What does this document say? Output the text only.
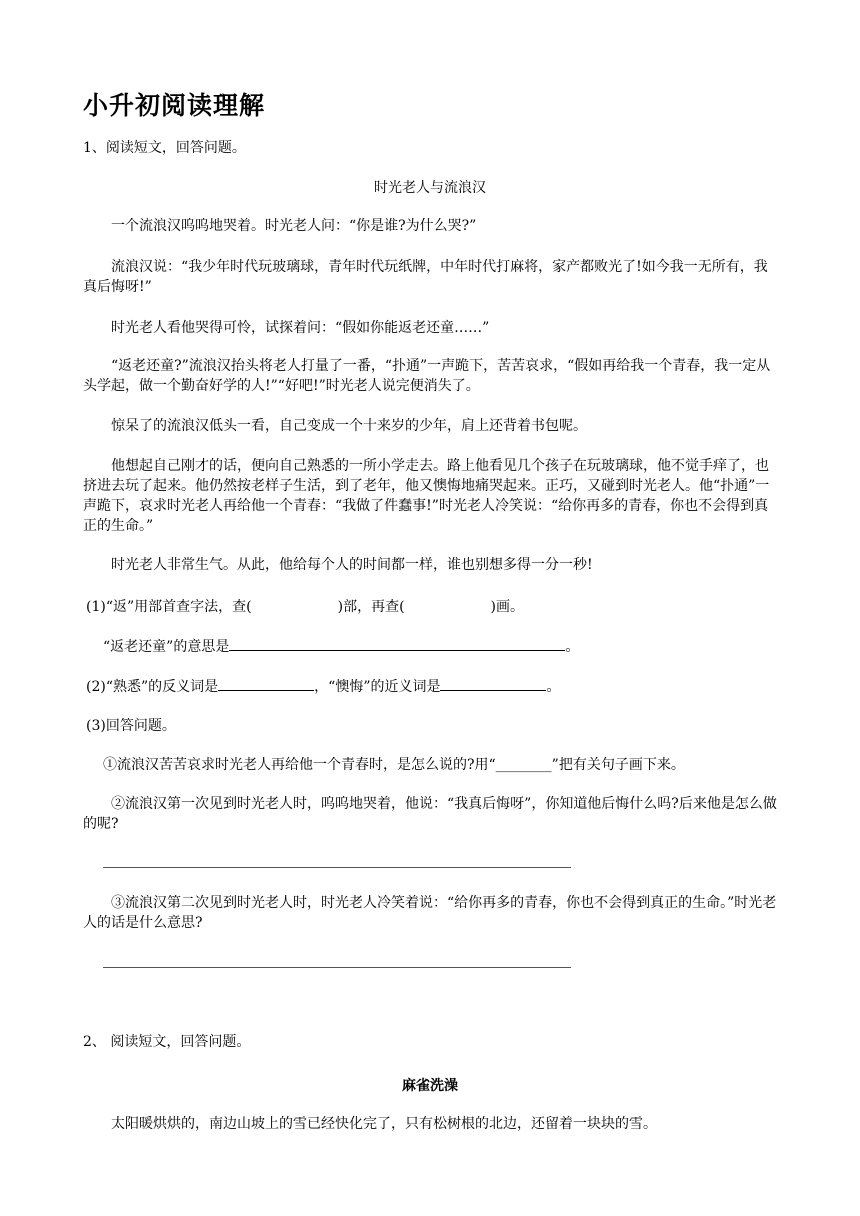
小升初阅读理解
1、阅读短文，回答问题。
时光老人与流浪汉
一个流浪汉呜呜地哭着。时光老人问：“你是谁?为什么哭?”
流浪汉说：“我少年时代玩玻璃球，青年时代玩纸牌，中年时代打麻将，家产都败光了!如今我一无所有，我真后悔呀!”
时光老人看他哭得可怜，试探着问：“假如你能返老还童……”
“返老还童?”流浪汉抬头将老人打量了一番，“扑通”一声跪下，苦苦哀求，“假如再给我一个青春，我一定从头学起，做一个勤奋好学的人!”“好吧!”时光老人说完便消失了。
惊呆了的流浪汉低头一看，自己变成一个十来岁的少年，肩上还背着书包呢。
他想起自己刚才的话，便向自己熟悉的一所小学走去。路上他看见几个孩子在玩玻璃球，他不觉手痒了，也挤进去玩了起来。他仍然按老样子生活，到了老年，他又懊悔地痛哭起来。正巧，又碰到时光老人。他“扑通”一声跪下，哀求时光老人再给他一个青春：“我做了件蠢事!”时光老人冷笑说：“给你再多的青春，你也不会得到真正的生命。”
时光老人非常生气。从此，他给每个人的时间都一样，谁也别想多得一分一秒!
(1)“返”用部首查字法，查(	)部，再查(	)画。
“返老还童”的意思是	。
(2)“熟悉”的反义词是	，“懊悔”的近义词是	。
(3)回答问题。
①流浪汉苦苦哀求时光老人再给他一个青春时，是怎么说的?用“________”把有关句子画下来。
②流浪汉第一次见到时光老人时，呜呜地哭着，他说：“我真后悔呀”，你知道他后悔什么吗?后来他是怎么做的呢?
③流浪汉第二次见到时光老人时，时光老人冷笑着说：“给你再多的青春，你也不会得到真正的生命。”时光老人的话是什么意思?
2、 阅读短文，回答问题。
麻雀洗澡
太阳暖烘烘的，南边山坡上的雪已经快化完了，只有松树根的北边，还留着一块块的雪。
